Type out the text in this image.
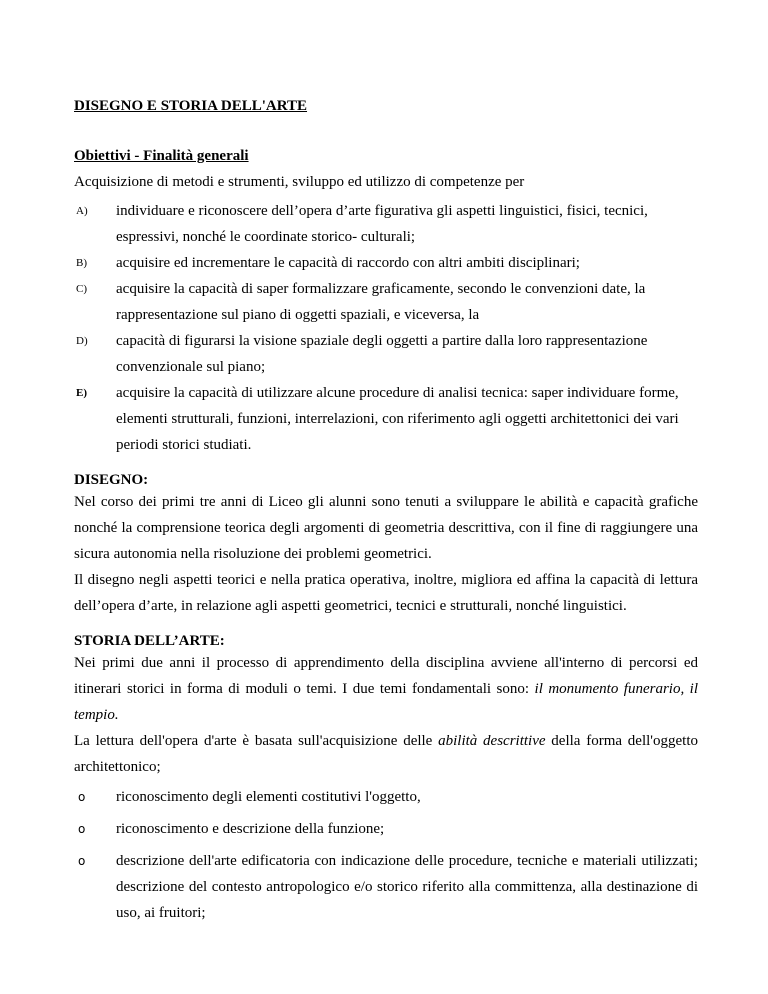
DISEGNO E STORIA DELL'ARTE

Obiettivi - Finalità generali

Acquisizione di metodi e strumenti, sviluppo ed utilizzo di competenze per

A) individuare e riconoscere dell’opera d’arte figurativa gli aspetti linguistici, fisici, tecnici, espressivi, nonché le coordinate storico- culturali;
B) acquisire ed incrementare le capacità di raccordo con altri ambiti disciplinari;
C) acquisire la capacità di saper formalizzare graficamente, secondo le convenzioni date, la rappresentazione sul piano di oggetti spaziali, e viceversa, la
D) capacità di figurarsi la visione spaziale degli oggetti a partire dalla loro rappresentazione convenzionale sul piano;
E) acquisire la capacità di utilizzare alcune procedure di analisi tecnica: saper individuare forme, elementi strutturali, funzioni, interrelazioni, con riferimento agli oggetti architettonici dei vari periodi storici studiati.

DISEGNO:

Nel corso dei primi tre anni di Liceo gli alunni sono tenuti a sviluppare le abilità e capacità grafiche nonché la comprensione teorica degli argomenti di geometria descrittiva, con il fine di raggiungere una sicura autonomia nella risoluzione dei problemi geometrici.

Il disegno negli aspetti teorici e nella pratica operativa, inoltre, migliora ed affina la capacità di lettura dell’opera d’arte, in relazione agli aspetti geometrici, tecnici e strutturali, nonché linguistici.

STORIA DELL’ARTE:

Nei primi due anni il processo di apprendimento della disciplina avviene all'interno di percorsi ed itinerari storici in forma di moduli o temi. I due temi fondamentali sono: il monumento funerario, il tempio.

La lettura dell'opera d'arte è basata sull'acquisizione delle abilità descrittive della forma dell'oggetto architettonico;

o riconoscimento degli elementi costitutivi l'oggetto,
o riconoscimento e descrizione della funzione;
o descrizione dell'arte edificatoria con indicazione delle procedure, tecniche e materiali utilizzati; descrizione del contesto antropologico e/o storico riferito alla committenza, alla destinazione di uso, ai fruitori;
